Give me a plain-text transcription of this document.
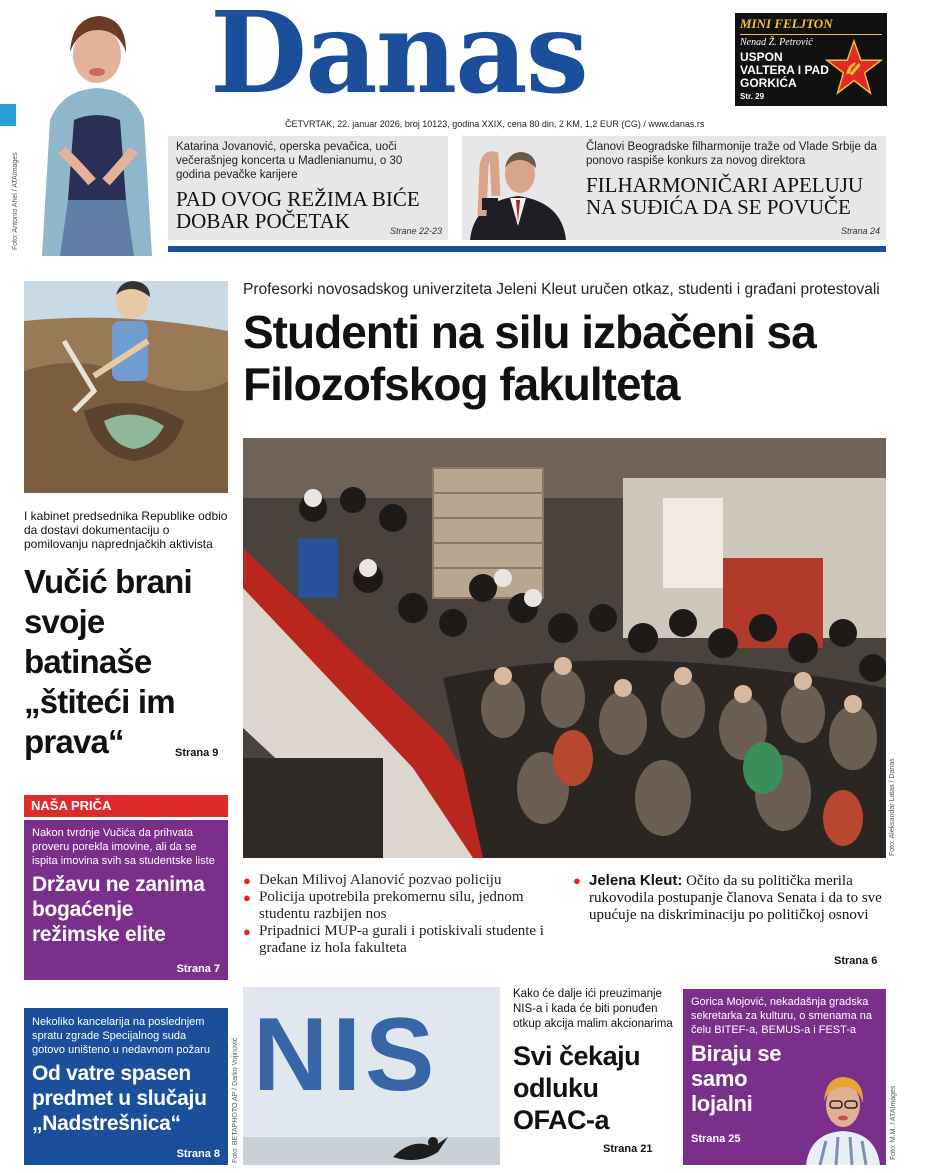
Foto: Antonio Ahel / ATAImages
Danas
ČETVRTAK, 22. januar 2026, broj 10123, godina XXIX, cena 80 din, 2 KM, 1,2 EUR (CG) / www.danas.rs
MINI FELJTON
Nenad Ž. Petrović
USPON VALTERA I PAD GORKIĆA
Str. 29
Katarina Jovanović, operska pevačica, uoči večerašnjeg koncerta u Madlenianumu, o 30 godina pevačke karijere
PAD OVOG REŽIMA BIĆE DOBAR POČETAK	Strane 22-23
Članovi Beogradske filharmonije traže od Vlade Srbije da ponovo raspiše konkurs za novog direktora
FILHARMONIČARI APELUJU NA SUĐIĆA DA SE POVUČE
Strana 24
Profesorki novosadskog univerziteta Jeleni Kleut uručen otkaz, studenti i građani protestovali
Studenti na silu izbačeni sa Filozofskog fakulteta
Foto: Aleksandar Latas / Danas
● Dekan Milivoj Alanović pozvao policiju
● Policija upotrebila prekomernu silu, jednom studentu razbijen nos
● Pripadnici MUP-a gurali i potiskivali studente i građane iz hola fakulteta
● Jelena Kleut: Očito da su politička merila rukovodila postupanje članova Senata i da to sve upućuje na diskriminaciju po političkoj osnovi
Strana 6
I kabinet predsednika Republike odbio da dostavi dokumentaciju o pomilovanju naprednjačkih aktivista
Vučić brani svoje batinaše „štiteći im prava“	Strana 9
NAŠA PRIČA
Nakon tvrdnje Vučića da prihvata proveru porekla imovine, ali da se ispita imovina svih sa studentske liste
Državu ne zanima bogaćenje režimske elite
Strana 7
Nekoliko kancelarija na poslednjem spratu zgrade Specijalnog suda gotovo uništeno u nedavnom požaru
Od vatre spasen predmet u slučaju „Nadstrešnica“
Strana 8
NIS
Foto: BETAPHOTO AP / Darko Vojinović
Kako će dalje ići preuzimanje NIS-a i kada će biti ponuđen otkup akcija malim akcionarima
Svi čekaju odluku OFAC-a
Strana 21
Gorica Mojović, nekadašnja gradska sekretarka za kulturu, o smenama na čelu BITEF-a, BEMUS-a i FEST-a
Biraju se samo lojalni
Strana 25	Foto: M.M. / ATAImages
